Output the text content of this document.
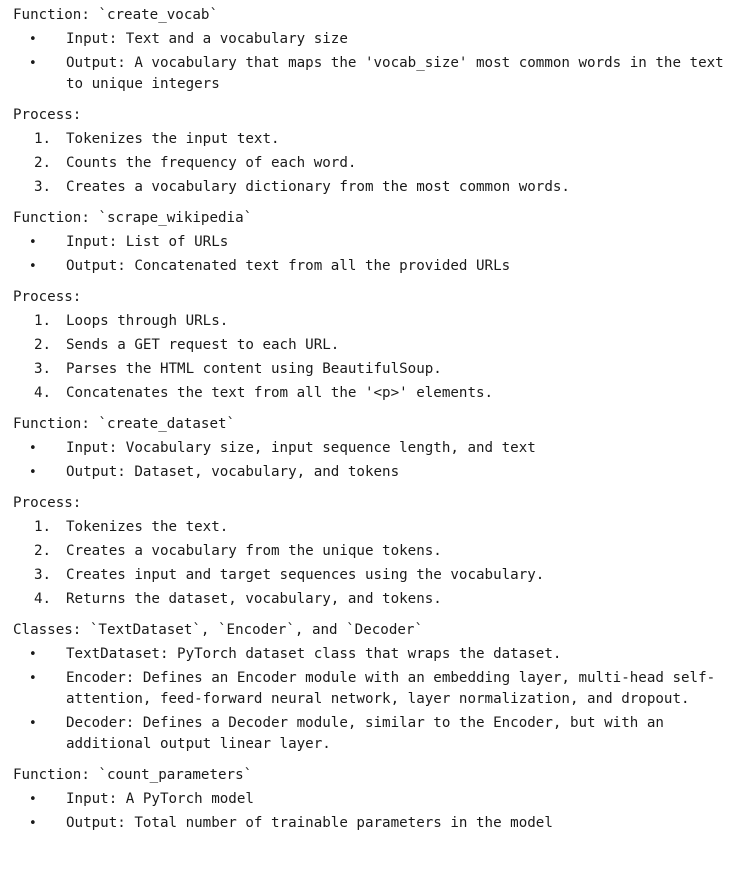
Function: `create_vocab`
• Input: Text and a vocabulary size
• Output: A vocabulary that maps the 'vocab_size' most common words in the text to unique integers
Process:
1. Tokenizes the input text.
2. Counts the frequency of each word.
3. Creates a vocabulary dictionary from the most common words.
Function: `scrape_wikipedia`
• Input: List of URLs
• Output: Concatenated text from all the provided URLs
Process:
1. Loops through URLs.
2. Sends a GET request to each URL.
3. Parses the HTML content using BeautifulSoup.
4. Concatenates the text from all the '<p>' elements.
Function: `create_dataset`
• Input: Vocabulary size, input sequence length, and text
• Output: Dataset, vocabulary, and tokens
Process:
1. Tokenizes the text.
2. Creates a vocabulary from the unique tokens.
3. Creates input and target sequences using the vocabulary.
4. Returns the dataset, vocabulary, and tokens.
Classes: `TextDataset`, `Encoder`, and `Decoder`
• TextDataset: PyTorch dataset class that wraps the dataset.
• Encoder: Defines an Encoder module with an embedding layer, multi-head self-attention, feed-forward neural network, layer normalization, and dropout.
• Decoder: Defines a Decoder module, similar to the Encoder, but with an additional output linear layer.
Function: `count_parameters`
• Input: A PyTorch model
• Output: Total number of trainable parameters in the model
